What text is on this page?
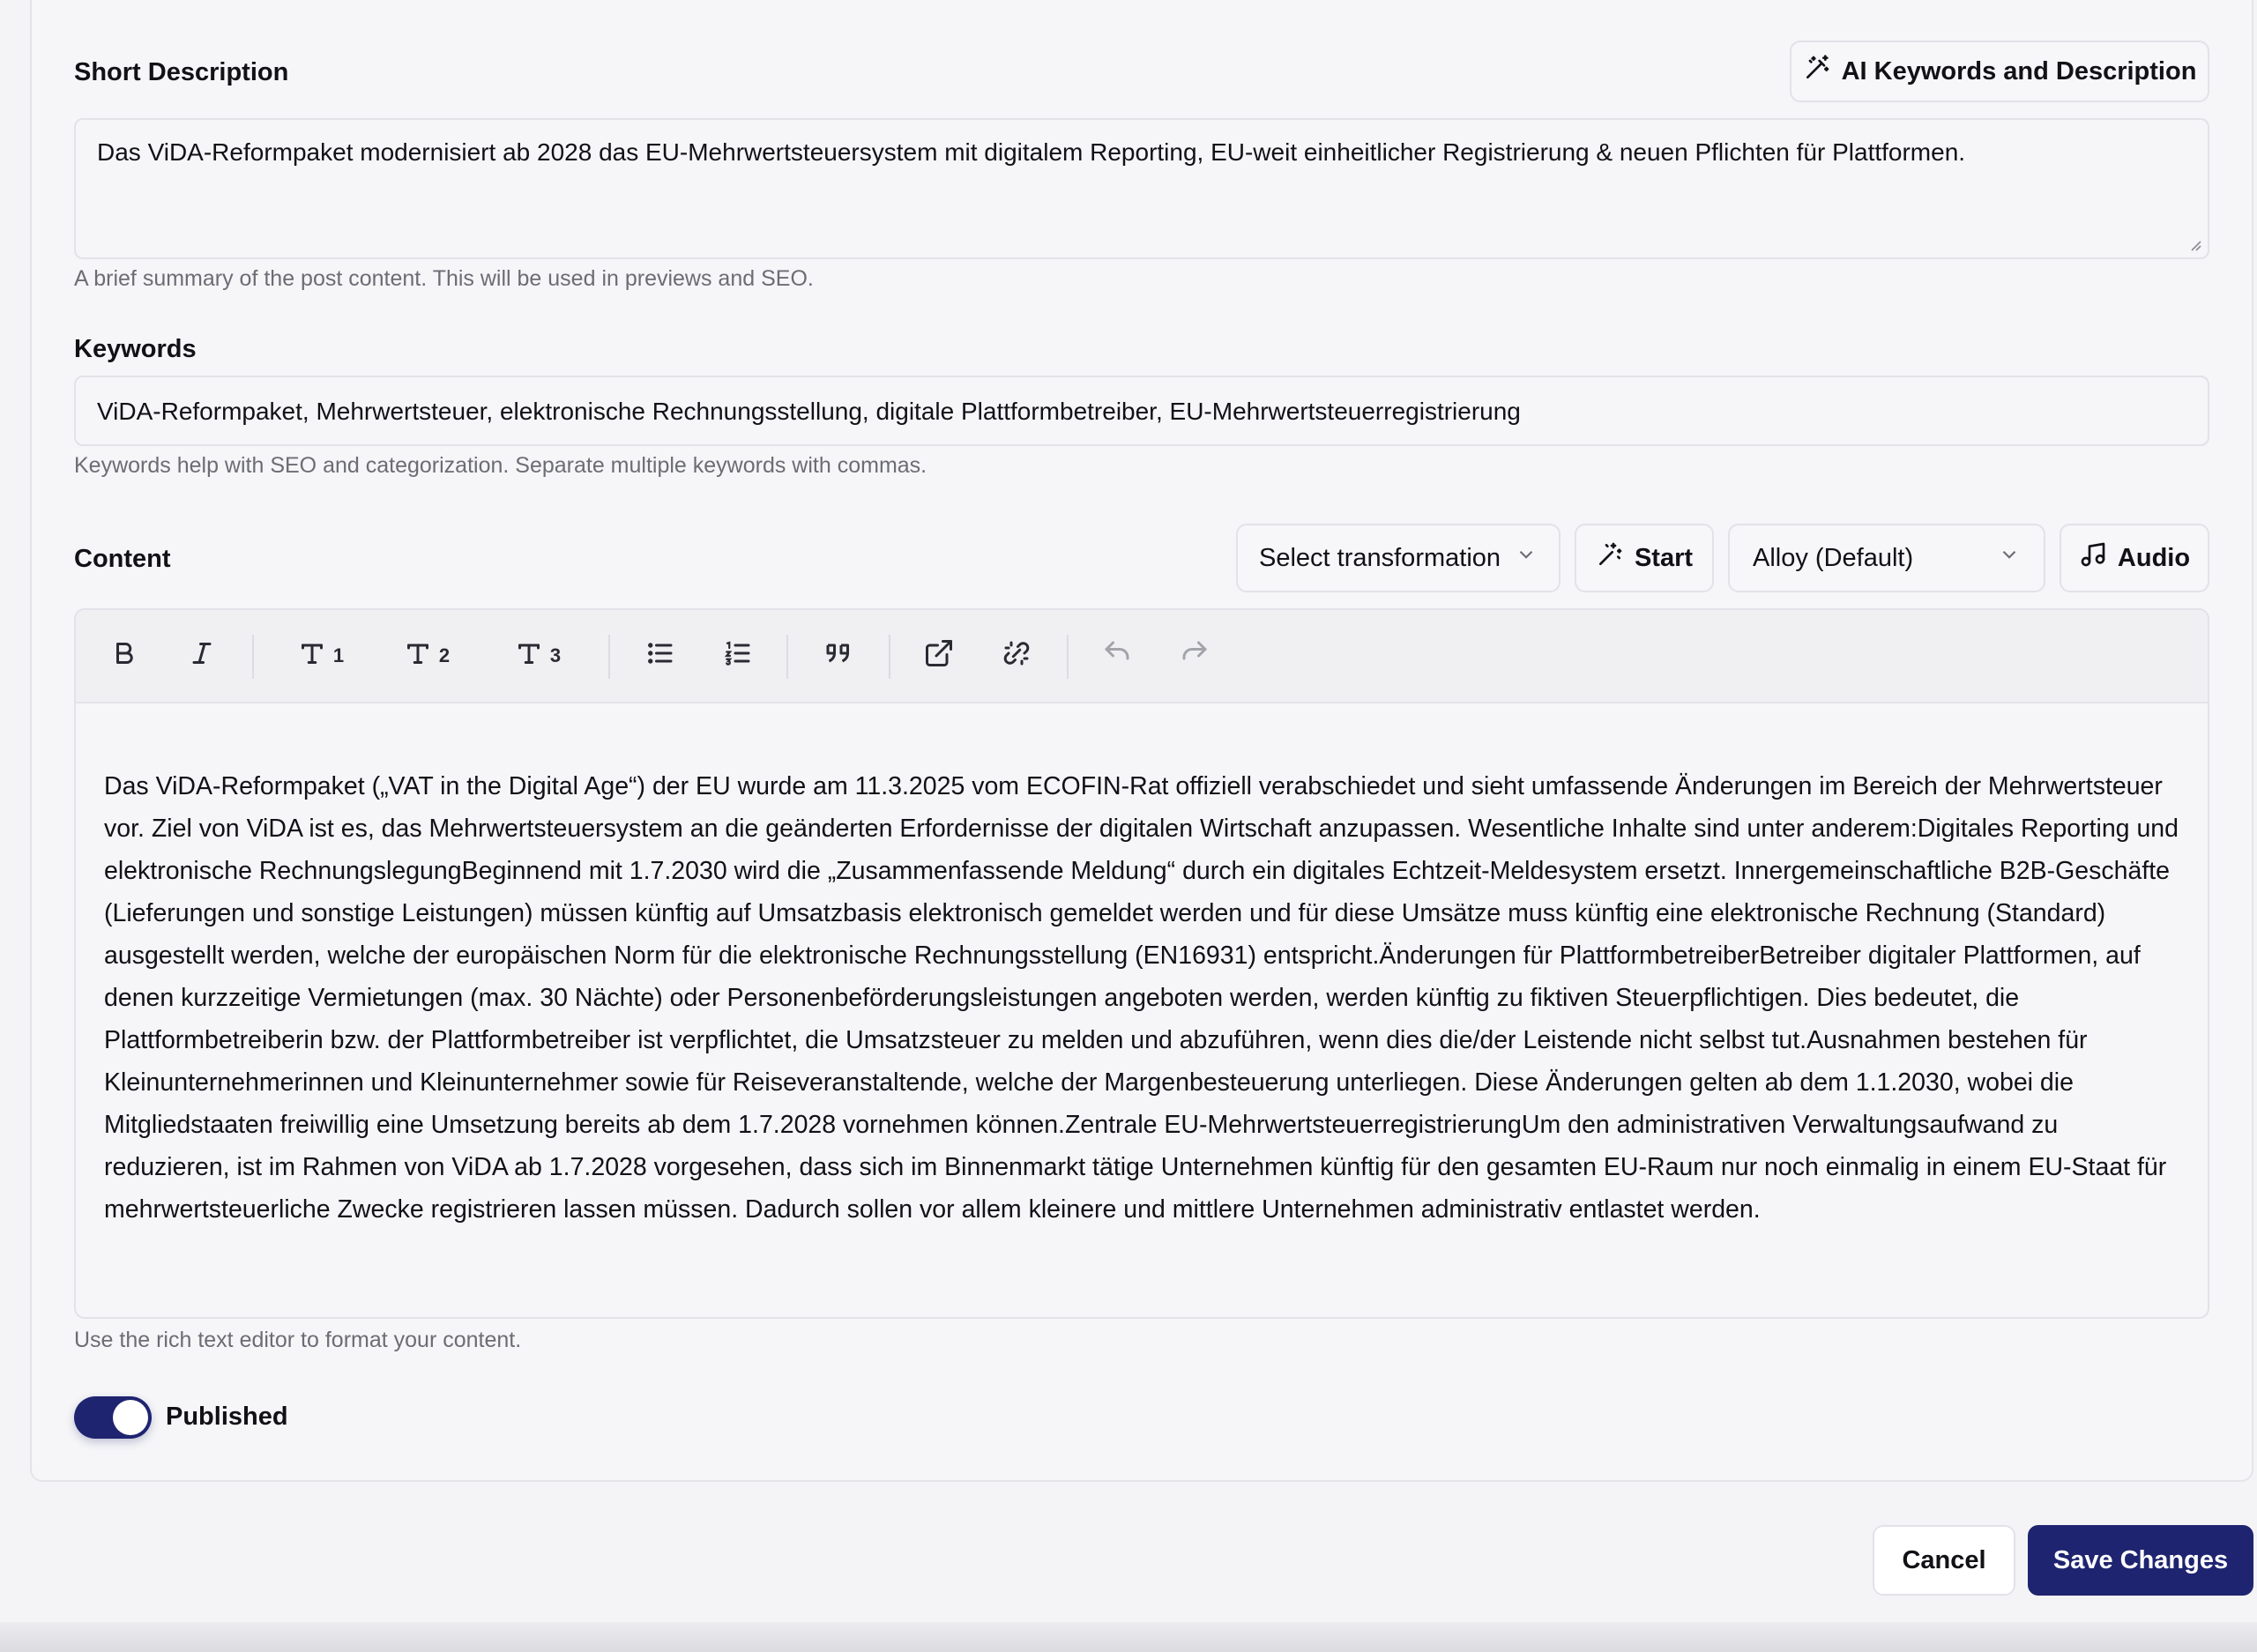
Short Description	AI Keywords and Description
Das ViDA-Reformpaket modernisiert ab 2028 das EU-Mehrwertsteuersystem mit digitalem Reporting, EU-weit einheitlicher Registrierung & neuen Pflichten für Plattformen.
A brief summary of the post content. This will be used in previews and SEO.
Keywords
ViDA-Reformpaket, Mehrwertsteuer, elektronische Rechnungsstellung, digitale Plattformbetreiber, EU-Mehrwertsteuerregistrierung
Keywords help with SEO and categorization. Separate multiple keywords with commas.
Content	Select transformation	Start Alloy (Default)	Audio
1	2	3
Das ViDA-Reformpaket („VAT in the Digital Age“) der EU wurde am 11.3.2025 vom ECOFIN-Rat offiziell verabschiedet und sieht umfassende Änderungen im Bereich der Mehrwertsteuer vor. Ziel von ViDA ist es, das Mehrwertsteuersystem an die geänderten Erfordernisse der digitalen Wirtschaft anzupassen. Wesentliche Inhalte sind unter anderem:Digitales Reporting und elektronische RechnungslegungBeginnend mit 1.7.2030 wird die „Zusammenfassende Meldung“ durch ein digitales Echtzeit-Meldesystem ersetzt. Innergemeinschaftliche B2B-Geschäfte (Lieferungen und sonstige Leistungen) müssen künftig auf Umsatzbasis elektronisch gemeldet werden und für diese Umsätze muss künftig eine elektronische Rechnung (Standard) ausgestellt werden, welche der europäischen Norm für die elektronische Rechnungsstellung (EN16931) entspricht.Änderungen für PlattformbetreiberBetreiber digitaler Plattformen, auf denen kurzzeitige Vermietungen (max. 30 Nächte) oder Personenbeförderungsleistungen angeboten werden, werden künftig zu fiktiven Steuerpflichtigen. Dies bedeutet, die Plattformbetreiberin bzw. der Plattformbetreiber ist verpflichtet, die Umsatzsteuer zu melden und abzuführen, wenn dies die/der Leistende nicht selbst tut.Ausnahmen bestehen für Kleinunternehmerinnen und Kleinunternehmer sowie für Reiseveranstaltende, welche der Margenbesteuerung unterliegen. Diese Änderungen gelten ab dem 1.1.2030, wobei die Mitgliedstaaten freiwillig eine Umsetzung bereits ab dem 1.7.2028 vornehmen können.Zentrale EU-MehrwertsteuerregistrierungUm den administrativen Verwaltungsaufwand zu reduzieren, ist im Rahmen von ViDA ab 1.7.2028 vorgesehen, dass sich im Binnenmarkt tätige Unternehmen künftig für den gesamten EU-Raum nur noch einmalig in einem EU-Staat für mehrwertsteuerliche Zwecke registrieren lassen müssen. Dadurch sollen vor allem kleinere und mittlere Unternehmen administrativ entlastet werden.
Use the rich text editor to format your content.
Published
Cancel	Save Changes
